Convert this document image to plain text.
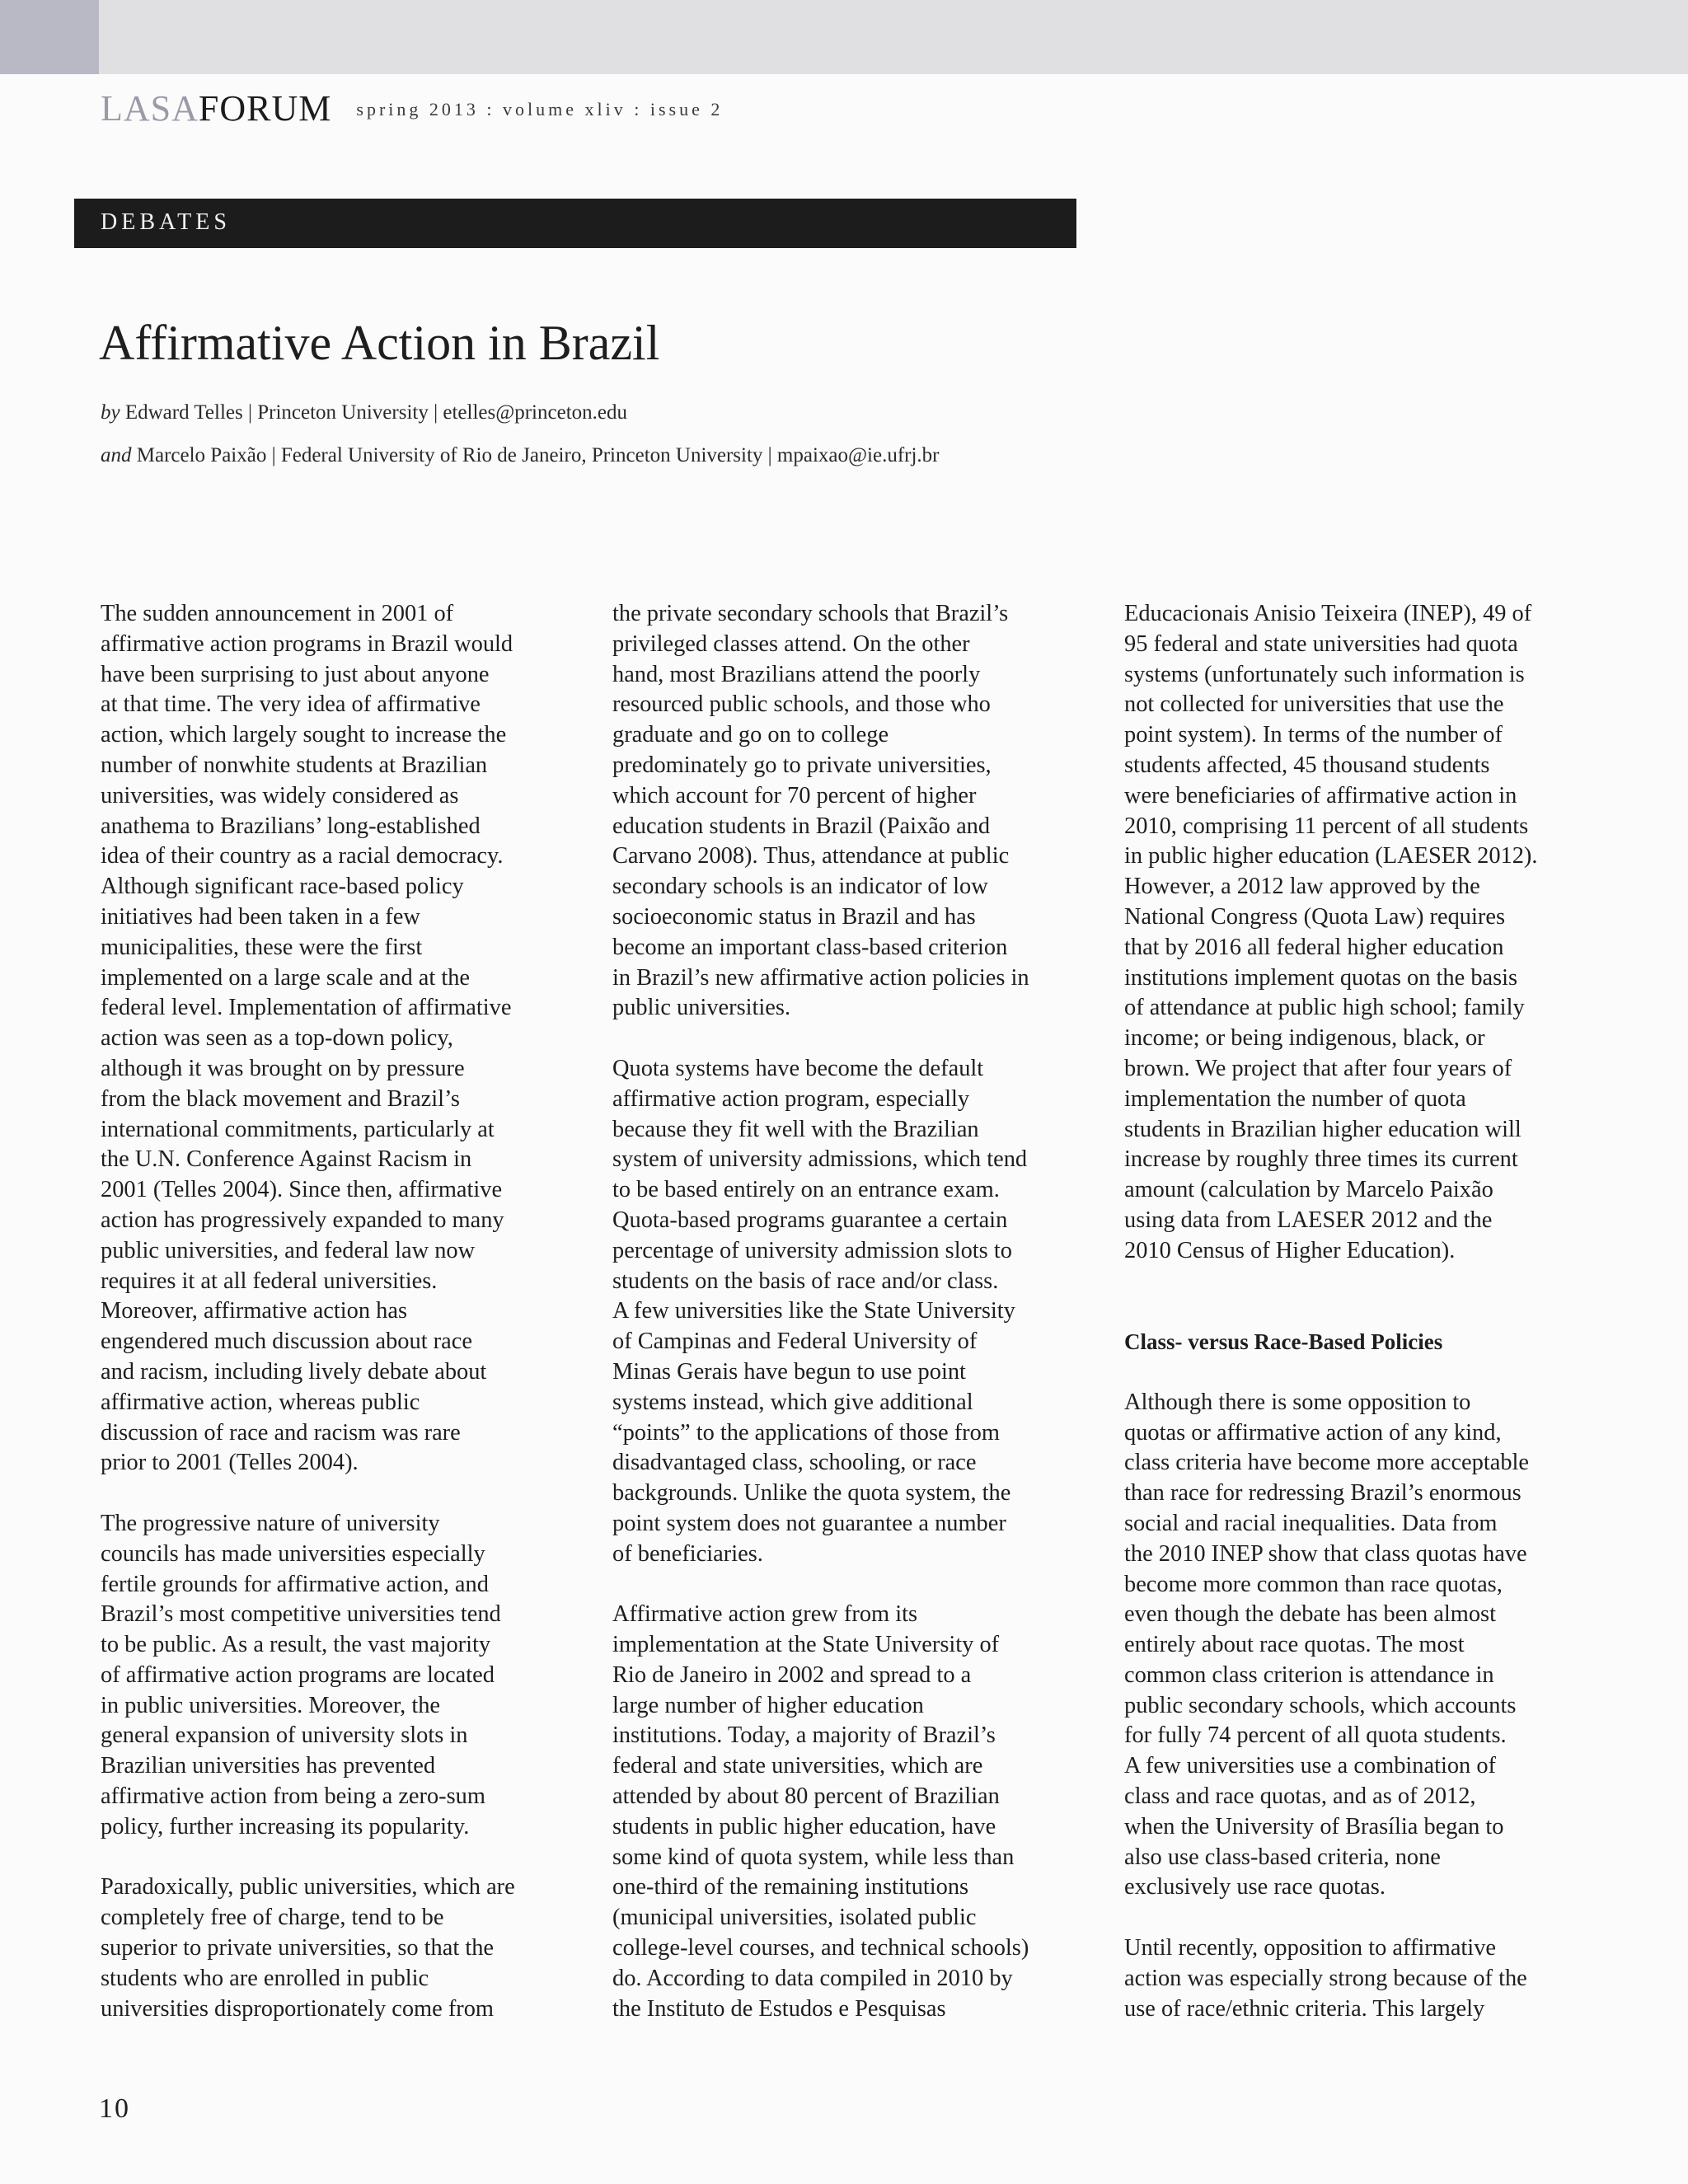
LASAFORUM spring 2013 : volume xliv : issue 2
DEBATES
Affirmative Action in Brazil
by Edward Telles | Princeton University | etelles@princeton.edu
and Marcelo Paixão | Federal University of Rio de Janeiro, Princeton University | mpaixao@ie.ufrj.br

The sudden announcement in 2001 of
affirmative action programs in Brazil would
have been surprising to just about anyone
at that time. The very idea of affirmative
action, which largely sought to increase the
number of nonwhite students at Brazilian
universities, was widely considered as
anathema to Brazilians’ long-established
idea of their country as a racial democracy.
Although significant race-based policy
initiatives had been taken in a few
municipalities, these were the first
implemented on a large scale and at the
federal level. Implementation of affirmative
action was seen as a top-down policy,
although it was brought on by pressure
from the black movement and Brazil’s
international commitments, particularly at
the U.N. Conference Against Racism in
2001 (Telles 2004). Since then, affirmative
action has progressively expanded to many
public universities, and federal law now
requires it at all federal universities.
Moreover, affirmative action has
engendered much discussion about race
and racism, including lively debate about
affirmative action, whereas public
discussion of race and racism was rare
prior to 2001 (Telles 2004).

The progressive nature of university
councils has made universities especially
fertile grounds for affirmative action, and
Brazil’s most competitive universities tend
to be public. As a result, the vast majority
of affirmative action programs are located
in public universities. Moreover, the
general expansion of university slots in
Brazilian universities has prevented
affirmative action from being a zero-sum
policy, further increasing its popularity.

Paradoxically, public universities, which are
completely free of charge, tend to be
superior to private universities, so that the
students who are enrolled in public
universities disproportionately come from

the private secondary schools that Brazil’s
privileged classes attend. On the other
hand, most Brazilians attend the poorly
resourced public schools, and those who
graduate and go on to college
predominately go to private universities,
which account for 70 percent of higher
education students in Brazil (Paixão and
Carvano 2008). Thus, attendance at public
secondary schools is an indicator of low
socioeconomic status in Brazil and has
become an important class-based criterion
in Brazil’s new affirmative action policies in
public universities.

Quota systems have become the default
affirmative action program, especially
because they fit well with the Brazilian
system of university admissions, which tend
to be based entirely on an entrance exam.
Quota-based programs guarantee a certain
percentage of university admission slots to
students on the basis of race and/or class.
A few universities like the State University
of Campinas and Federal University of
Minas Gerais have begun to use point
systems instead, which give additional
“points” to the applications of those from
disadvantaged class, schooling, or race
backgrounds. Unlike the quota system, the
point system does not guarantee a number
of beneficiaries.

Affirmative action grew from its
implementation at the State University of
Rio de Janeiro in 2002 and spread to a
large number of higher education
institutions. Today, a majority of Brazil’s
federal and state universities, which are
attended by about 80 percent of Brazilian
students in public higher education, have
some kind of quota system, while less than
one-third of the remaining institutions
(municipal universities, isolated public
college-level courses, and technical schools)
do. According to data compiled in 2010 by
the Instituto de Estudos e Pesquisas

Educacionais Anisio Teixeira (INEP), 49 of
95 federal and state universities had quota
systems (unfortunately such information is
not collected for universities that use the
point system). In terms of the number of
students affected, 45 thousand students
were beneficiaries of affirmative action in
2010, comprising 11 percent of all students
in public higher education (LAESER 2012).
However, a 2012 law approved by the
National Congress (Quota Law) requires
that by 2016 all federal higher education
institutions implement quotas on the basis
of attendance at public high school; family
income; or being indigenous, black, or
brown. We project that after four years of
implementation the number of quota
students in Brazilian higher education will
increase by roughly three times its current
amount (calculation by Marcelo Paixão
using data from LAESER 2012 and the
2010 Census of Higher Education).

Class- versus Race-Based Policies

Although there is some opposition to
quotas or affirmative action of any kind,
class criteria have become more acceptable
than race for redressing Brazil’s enormous
social and racial inequalities. Data from
the 2010 INEP show that class quotas have
become more common than race quotas,
even though the debate has been almost
entirely about race quotas. The most
common class criterion is attendance in
public secondary schools, which accounts
for fully 74 percent of all quota students.
A few universities use a combination of
class and race quotas, and as of 2012,
when the University of Brasília began to
also use class-based criteria, none
exclusively use race quotas.

Until recently, opposition to affirmative
action was especially strong because of the
use of race/ethnic criteria. This largely

10
